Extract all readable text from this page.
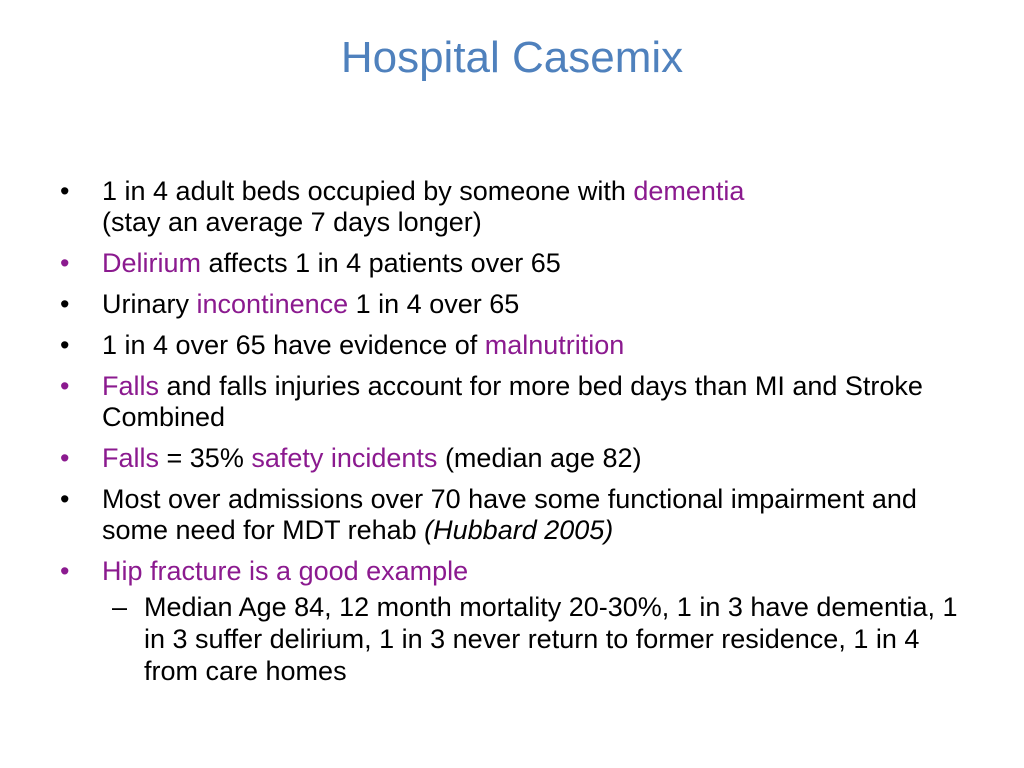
Hospital Casemix
•	1 in 4 adult beds occupied by someone with dementia
(stay an average 7 days longer)
•	Delirium affects 1 in 4 patients over 65
•	Urinary incontinence 1 in 4 over 65
•	1 in 4 over 65 have evidence of malnutrition
•	Falls and falls injuries account for more bed days than MI and Stroke Combined
•	Falls = 35% safety incidents (median age 82)
•	Most over admissions over 70 have some functional impairment and some need for MDT rehab (Hubbard 2005)
•	Hip fracture is a good example
– Median Age 84, 12 month mortality 20-30%, 1 in 3 have dementia, 1 in 3 suffer delirium, 1 in 3 never return to former residence, 1 in 4 from care homes
